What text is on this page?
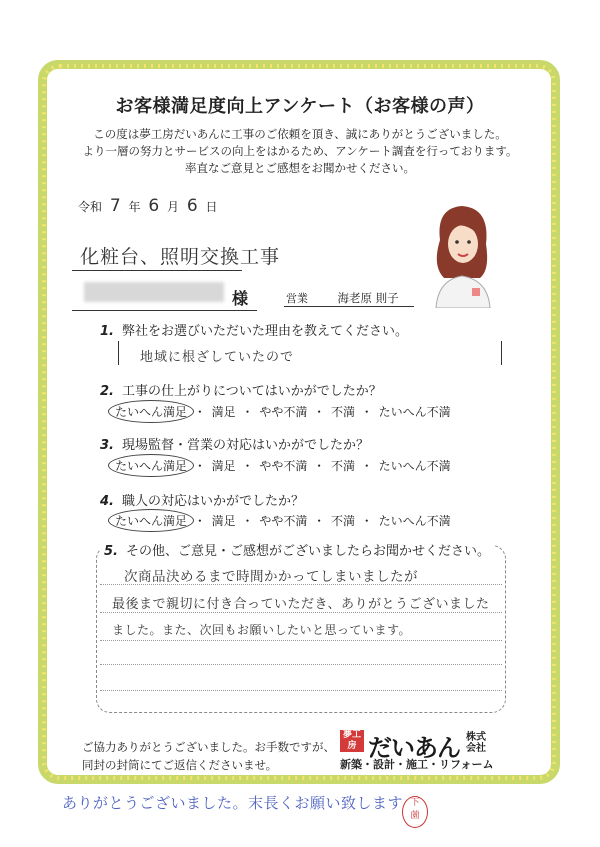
お客様満足度向上アンケート（お客様の声）
この度は夢工房だいあんに工事のご依頼を頂き、誠にありがとうございました。
より一層の努力とサービスの向上をはかるため、アンケート調査を行っております。
率直なご意見とご感想をお聞かせください。
令和 7 年 6 月 6 日
化粧台、照明交換工事
様	営業	海老原 則子
1. 弊社をお選びいただいた理由を教えてください。
地域に根ざしていたので
2. 工事の仕上がりについてはいかがでしたか？
たいへん満足 ・ 満足 ・ やや不満 ・ 不満 ・ たいへん不満
3. 現場監督・営業の対応はいかがでしたか？
たいへん満足 ・ 満足 ・ やや不満 ・ 不満 ・ たいへん不満
4. 職人の対応はいかがでしたか？
たいへん満足 ・ 満足 ・ やや不満 ・ 不満 ・ たいへん不満
5. その他、ご意見・ご感想がございましたらお聞かせください。
次商品決めるまで時間かかってしまいましたが
最後まで親切に付き合っていただき、ありがとうございました
ました。また、次回もお願いしたいと思っています。
ご協力ありがとうございました。お手数ですが、
同封の封筒にてご返信くださいませ。
夢工房 だいあん 株式会社
新築・設計・施工・リフォーム
ありがとうございました。末長くお願い致します 下
薗
